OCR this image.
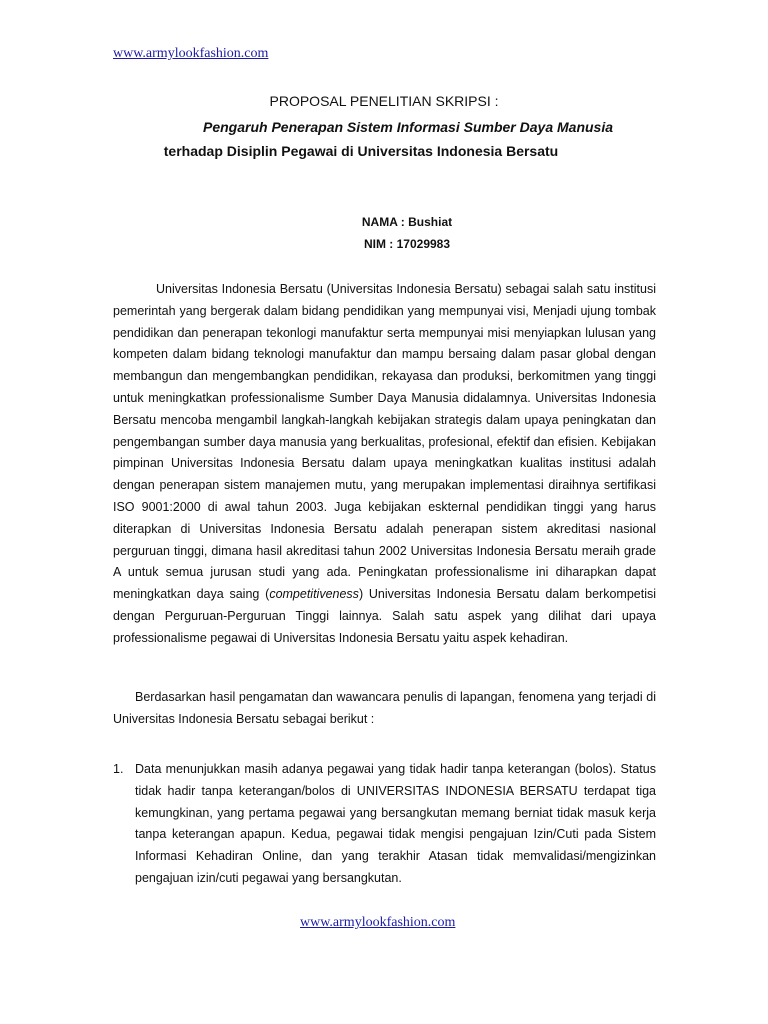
www.armylookfashion.com
PROPOSAL PENELITIAN SKRIPSI :
Pengaruh Penerapan Sistem Informasi Sumber Daya Manusia
terhadap Disiplin Pegawai di Universitas Indonesia Bersatu
NAMA : Bushiat
NIM : 17029983

Universitas Indonesia Bersatu (Universitas Indonesia Bersatu) sebagai salah satu institusi pemerintah yang bergerak dalam bidang pendidikan yang mempunyai visi, Menjadi ujung tombak pendidikan dan penerapan tekonlogi manufaktur serta mempunyai misi menyiapkan lulusan yang kompeten dalam bidang teknologi manufaktur dan mampu bersaing dalam pasar global dengan membangun dan mengembangkan pendidikan, rekayasa dan produksi, berkomitmen yang tinggi untuk meningkatkan professionalisme Sumber Daya Manusia didalamnya. Universitas Indonesia Bersatu mencoba mengambil langkah-langkah kebijakan strategis dalam upaya peningkatan dan pengembangan sumber daya manusia yang berkualitas, profesional, efektif dan efisien. Kebijakan pimpinan Universitas Indonesia Bersatu dalam upaya meningkatkan kualitas institusi adalah dengan penerapan sistem manajemen mutu, yang merupakan implementasi diraihnya sertifikasi ISO 9001:2000 di awal tahun 2003. Juga kebijakan eskternal pendidikan tinggi yang harus diterapkan di Universitas Indonesia Bersatu adalah penerapan sistem akreditasi nasional perguruan tinggi, dimana hasil akreditasi tahun 2002 Universitas Indonesia Bersatu meraih grade A untuk semua jurusan studi yang ada. Peningkatan professionalisme ini diharapkan dapat meningkatkan daya saing (competitiveness) Universitas Indonesia Bersatu dalam berkompetisi dengan Perguruan-Perguruan Tinggi lainnya. Salah satu aspek yang dilihat dari upaya professionalisme pegawai di Universitas Indonesia Bersatu yaitu aspek kehadiran.

Berdasarkan hasil pengamatan dan wawancara penulis di lapangan, fenomena yang terjadi di Universitas Indonesia Bersatu sebagai berikut :

1. Data menunjukkan masih adanya pegawai yang tidak hadir tanpa keterangan (bolos). Status tidak hadir tanpa keterangan/bolos di UNIVERSITAS INDONESIA BERSATU terdapat tiga kemungkinan, yang pertama pegawai yang bersangkutan memang berniat tidak masuk kerja tanpa keterangan apapun. Kedua, pegawai tidak mengisi pengajuan Izin/Cuti pada Sistem Informasi Kehadiran Online, dan yang terakhir Atasan tidak memvalidasi/mengizinkan pengajuan izin/cuti pegawai yang bersangkutan.

www.armylookfashion.com
